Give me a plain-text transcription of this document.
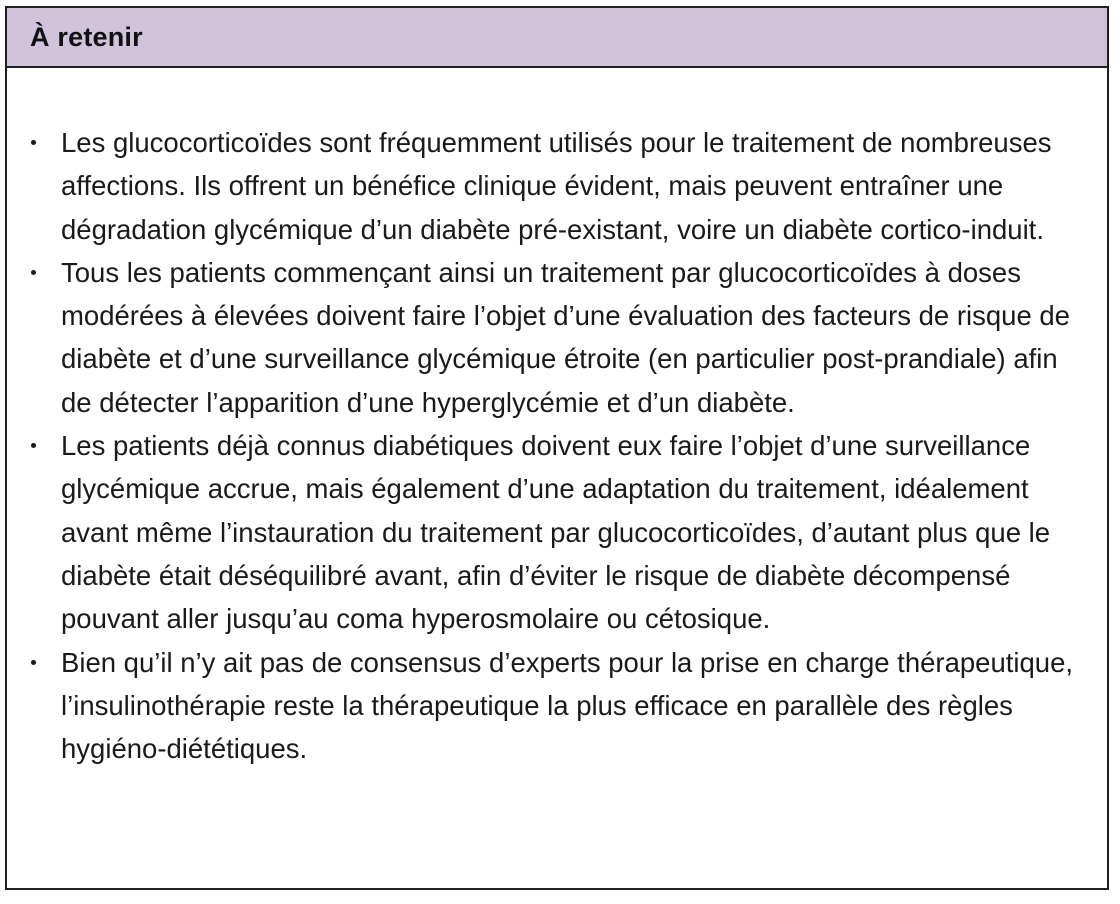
À retenir
Les glucocorticoïdes sont fréquemment utilisés pour le traitement de nombreuses affections. Ils offrent un bénéfice clinique évident, mais peuvent entraîner une dégradation glycémique d’un diabète pré-existant, voire un diabète cortico-induit.
Tous les patients commençant ainsi un traitement par glucocorticoïdes à doses modérées à élevées doivent faire l’objet d’une évaluation des facteurs de risque de diabète et d’une surveillance glycémique étroite (en particulier post-prandiale) afin de détecter l’apparition d’une hyperglycémie et d’un diabète.
Les patients déjà connus diabétiques doivent eux faire l’objet d’une surveillance glycémique accrue, mais également d’une adaptation du traitement, idéalement avant même l’instauration du traitement par glucocorticoïdes, d’autant plus que le diabète était déséquilibré avant, afin d’éviter le risque de diabète décompensé pouvant aller jusqu’au coma hyperosmolaire ou cétosique.
Bien qu’il n’y ait pas de consensus d’experts pour la prise en charge thérapeutique, l’insulinothérapie reste la thérapeutique la plus efficace en parallèle des règles hygiéno-diététiques.
